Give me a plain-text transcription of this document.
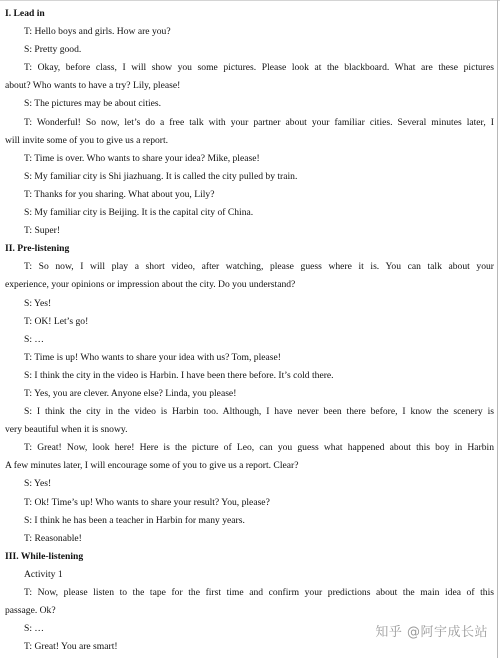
I. Lead in
T: Hello boys and girls. How are you?
S: Pretty good.
T: Okay, before class, I will show you some pictures. Please look at the blackboard. What are these pictures
about? Who wants to have a try? Lily, please!
S: The pictures may be about cities.
T: Wonderful! So now, let’s do a free talk with your partner about your familiar cities. Several minutes later, I
will invite some of you to give us a report.
T: Time is over. Who wants to share your idea? Mike, please!
S: My familiar city is Shi jiazhuang. It is called the city pulled by train.
T: Thanks for you sharing. What about you, Lily?
S: My familiar city is Beijing. It is the capital city of China.
T: Super!
II. Pre-listening
T: So now, I will play a short video, after watching, please guess where it is. You can talk about your
experience, your opinions or impression about the city. Do you understand?
S: Yes!
T: OK! Let’s go!
S: …
T: Time is up! Who wants to share your idea with us? Tom, please!
S: I think the city in the video is Harbin. I have been there before. It’s cold there.
T: Yes, you are clever. Anyone else? Linda, you please!
S: I think the city in the video is Harbin too. Although, I have never been there before, I know the scenery is
very beautiful when it is snowy.
T: Great! Now, look here! Here is the picture of Leo, can you guess what happened about this boy in Harbin
A few minutes later, I will encourage some of you to give us a report. Clear?
S: Yes!
T: Ok! Time’s up! Who wants to share your result? You, please?
S: I think he has been a teacher in Harbin for many years.
T: Reasonable!
III. While-listening
Activity 1
T: Now, please listen to the tape for the first time and confirm your predictions about the main idea of this
passage. Ok?
S: …
T: Great! You are smart!
知乎 @阿宇成长站
